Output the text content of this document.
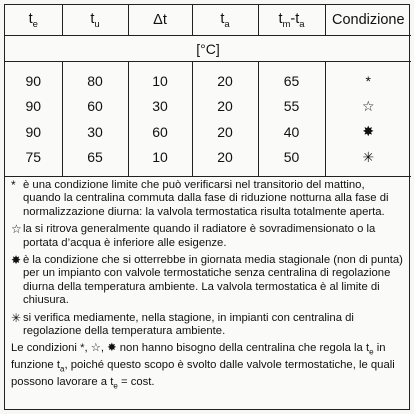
$t_e$	$t_u$	Δt	$t_a$	$t_m-t_a$	Condizione
[°C]					
90	80	10	20	65	*
90	60	30	20	55	☆
90	30	60	20	40	✸
75	65	10	20	50	✳
* è una condizione limite che può verificarsi nel transitorio del mattino, quando la centralina commuta dalla fase di riduzione notturna alla fase di normalizzazione diurna: la valvola termostatica risulta totalmente aperta.
☆ la si ritrova generalmente quando il radiatore è sovradimensionato o la portata d’acqua è inferiore alle esigenze.
✸ è la condizione che si otterrebbe in giornata media stagionale (non di punta) per un impianto con valvole termostatiche senza centralina di regolazione diurna della temperatura ambiente. La valvola termostatica è al limite di chiusura.
✳ si verifica mediamente, nella stagione, in impianti con centralina di regolazione della temperatura ambiente.
Le condizioni *, ☆, ✸ non hanno bisogno della centralina che regola la $t_e$ in funzione $t_a$, poiché questo scopo è svolto dalle valvole termostatiche, le quali possono lavorare a $t_e = \cos t$.
